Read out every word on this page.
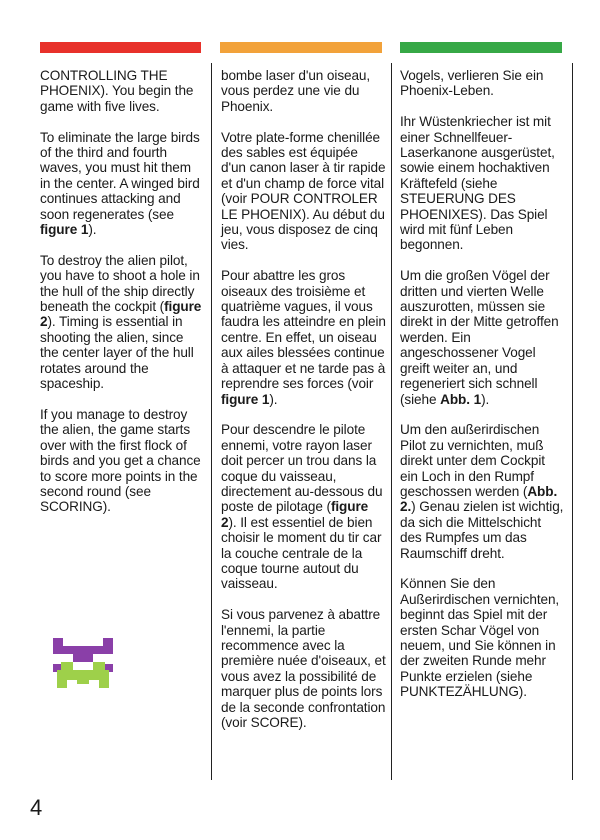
CONTROLLING THE PHOENIX). You begin the game with five lives.

To eliminate the large birds of the third and fourth waves, you must hit them in the center. A winged bird continues attacking and soon regenerates (see figure 1).

To destroy the alien pilot, you have to shoot a hole in the hull of the ship directly beneath the cockpit (figure 2). Timing is essential in shooting the alien, since the center layer of the hull rotates around the spaceship.

If you manage to destroy the alien, the game starts over with the first flock of birds and you get a chance to score more points in the second round (see SCORING).

bombe laser d'un oiseau, vous perdez une vie du Phoenix.

Votre plate-forme chenillée des sables est équipée d'un canon laser à tir rapide et d'un champ de force vital (voir POUR CONTROLER LE PHOENIX). Au début du jeu, vous disposez de cinq vies.

Pour abattre les gros oiseaux des troisième et quatrième vagues, il vous faudra les atteindre en plein centre. En effet, un oiseau aux ailes blessées continue à attaquer et ne tarde pas à reprendre ses forces (voir figure 1).

Pour descendre le pilote ennemi, votre rayon laser doit percer un trou dans la coque du vaisseau, directement au-dessous du poste de pilotage (figure 2). Il est essentiel de bien choisir le moment du tir car la couche centrale de la coque tourne autout du vaisseau.

Si vous parvenez à abattre l'ennemi, la partie recommence avec la première nuée d'oiseaux, et vous avez la possibilité de marquer plus de points lors de la seconde confrontation (voir SCORE).

Vogels, verlieren Sie ein Phoenix-Leben.

Ihr Wüstenkriecher ist mit einer Schnellfeuer-Laserkanone ausgerüstet, sowie einem hochaktiven Kräftefeld (siehe STEUERUNG DES PHOENIXES). Das Spiel wird mit fünf Leben begonnen.

Um die großen Vögel der dritten und vierten Welle auszurotten, müssen sie direkt in der Mitte getroffen werden. Ein angeschossener Vogel greift weiter an, und regeneriert sich schnell (siehe Abb. 1).

Um den außerirdischen Pilot zu vernichten, muß direkt unter dem Cockpit ein Loch in den Rumpf geschossen werden (Abb. 2.) Genau zielen ist wichtig, da sich die Mittelschicht des Rumpfes um das Raumschiff dreht.

Können Sie den Außerirdischen vernichten, beginnt das Spiel mit der ersten Schar Vögel von neuem, und Sie können in der zweiten Runde mehr Punkte erzielen (siehe PUNKTEZÄHLUNG).

4
